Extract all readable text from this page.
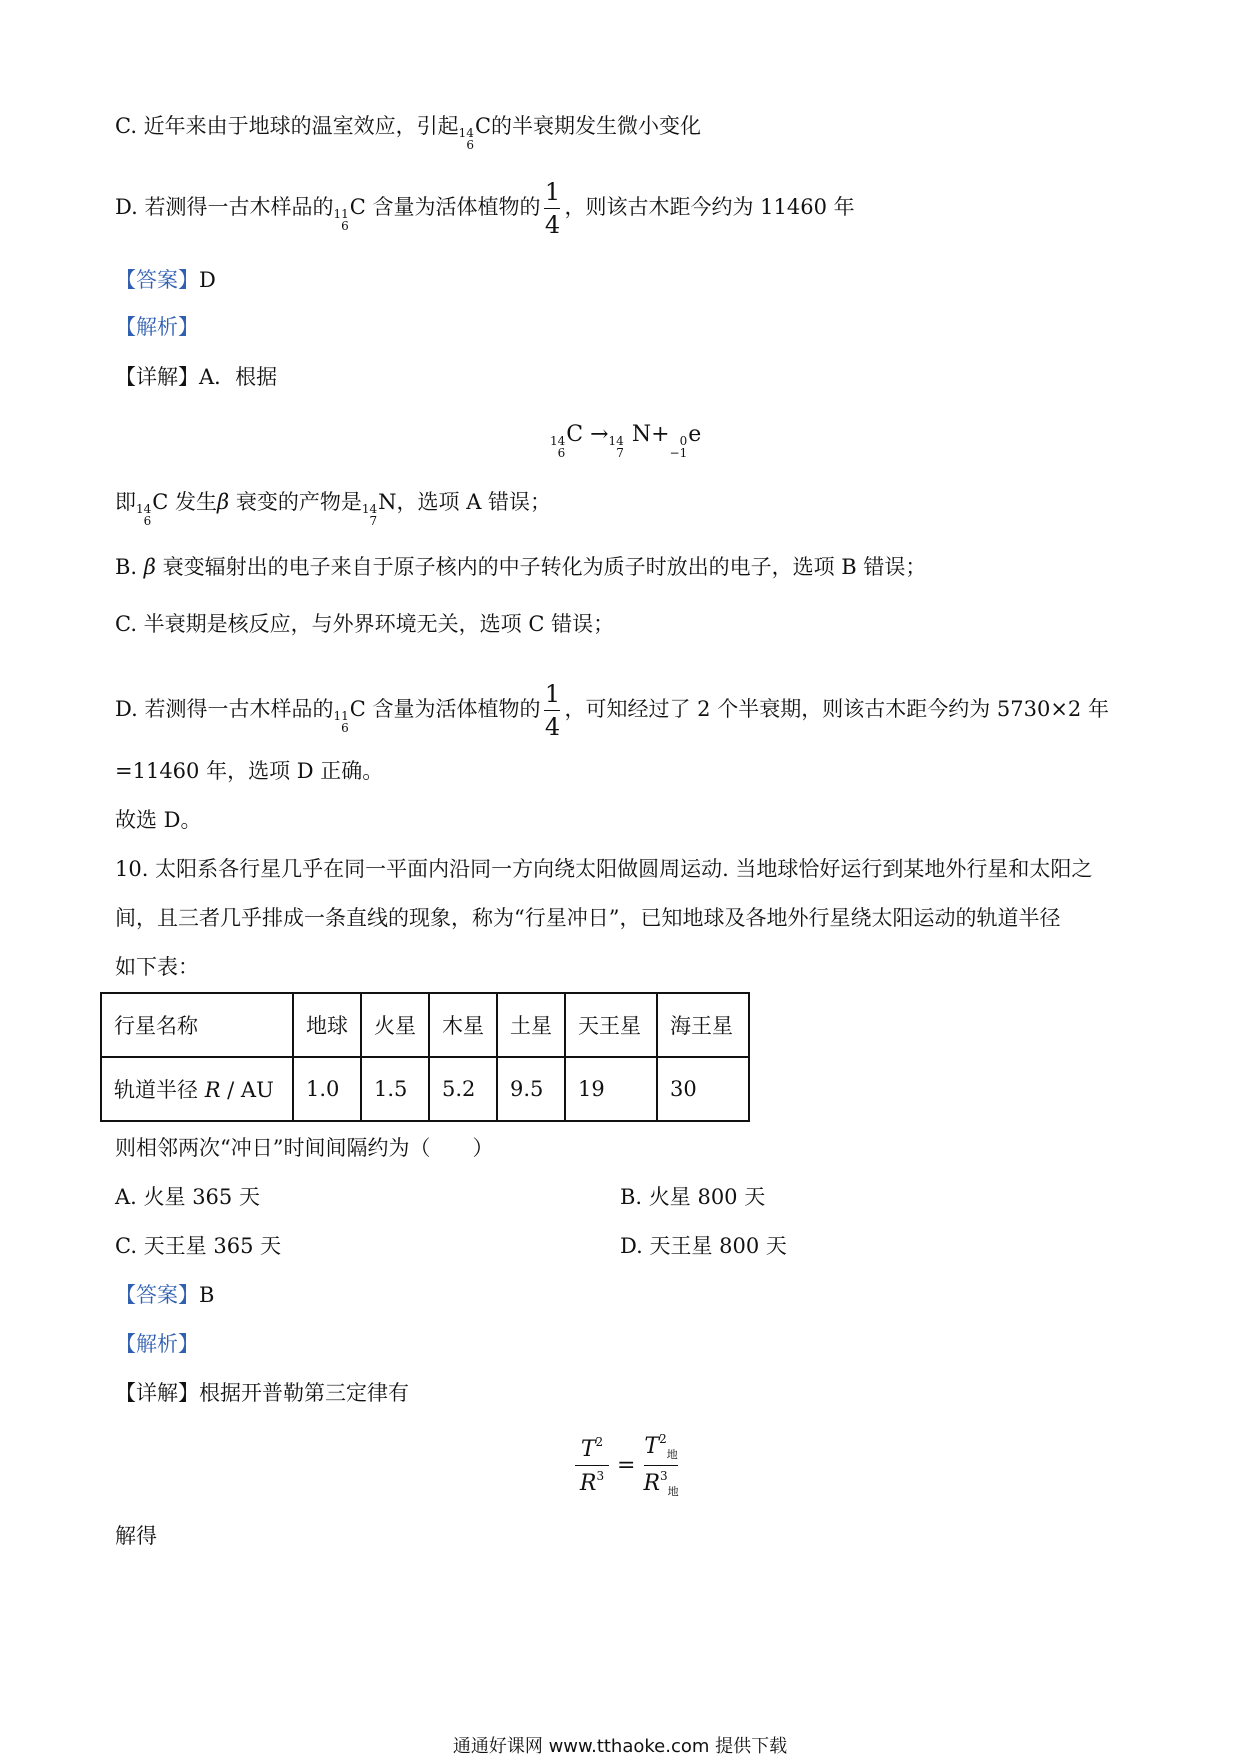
C. 近年来由于地球的温室效应，引起 14
6
C的半衰期发生微小变化
D. 若测得一古木样品的 11
6
C 含量为活体植物的 $\frac{1}{4}$ ，则该古木距今约为 11460 年
【答案】D
【解析】
【详解】A．根据
14
6
C → 14
7
N+ 0
−1
e
即 14
6
C 发生β 衰变的产物是 14
7
N，选项 A 错误；
B. β 衰变辐射出的电子来自于原子核内的中子转化为质子时放出的电子，选项 B 错误；
C. 半衰期是核反应，与外界环境无关，选项 C 错误；
D. 若测得一古木样品的 11
6
C 含量为活体植物的 $\frac{1}{4}$ ，可知经过了 2 个半衰期，则该古木距今约为 5730×2 年
=11460 年，选项 D 正确。
故选 D。
10. 太阳系各行星几乎在同一平面内沿同一方向绕太阳做圆周运动. 当地球恰好运行到某地外行星和太阳之
间，且三者几乎排成一条直线的现象，称为“行星冲日”，已知地球及各地外行星绕太阳运动的轨道半径
如下表：
行星名称	地球	火星	木星	土星	天王星	海王星
轨道半径 R / AU	1.0	1.5	5.2	9.5	19	30
则相邻两次“冲日”时间间隔约为（　　）
A. 火星 365 天	B. 火星 800 天
C. 天王星 365 天	D. 天王星 800 天
【答案】B
【解析】
【详解】根据开普勒第三定律有
$T^2$
$R^3$ =
$T^2_地$
$R^3_地$
解得
通通好课网 www.tthaoke.com 提供下载
